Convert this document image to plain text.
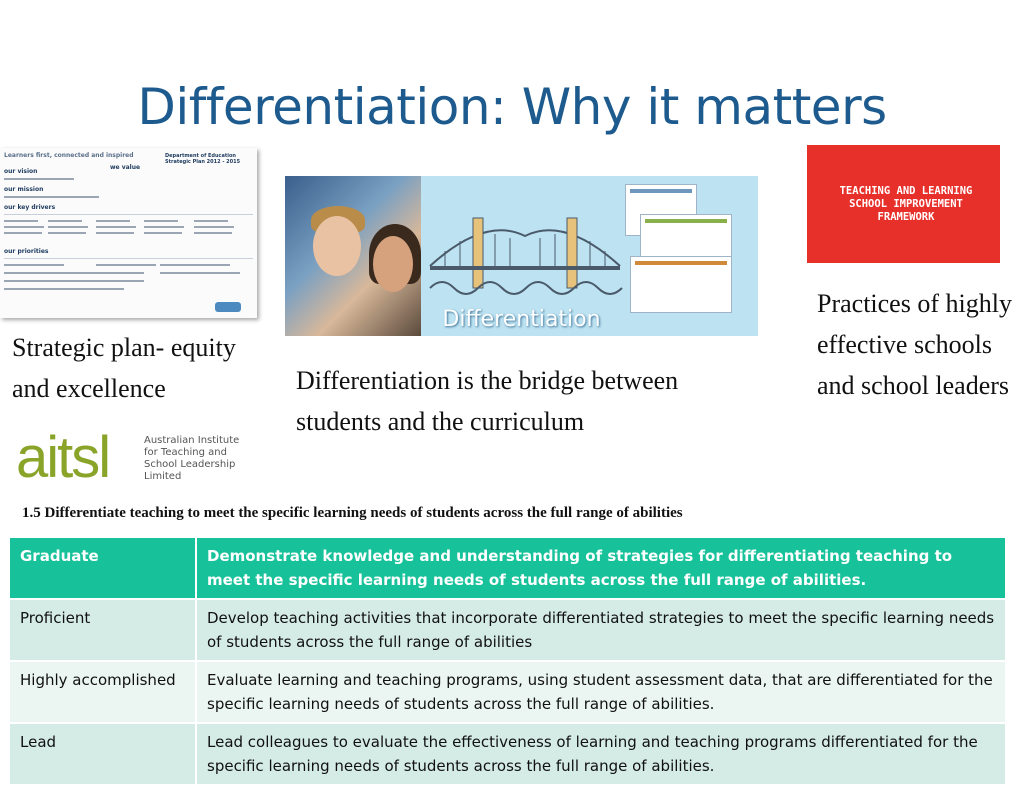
Differentiation: Why it matters
Learners first, connected and inspired	Department of Education Strategic Plan 2012 - 2015
our vision
our mission
our key drivers
our priorities
we value
Differentiation
TEACHING AND LEARNING
SCHOOL IMPROVEMENT
FRAMEWORK
Strategic plan- equity and excellence	Differentiation is the bridge between students and the curriculum
Practices of highly effective schools and school leaders
aitsl	Australian Institute for Teaching and School Leadership Limited
1.5 Differentiate teaching to meet the specific learning needs of students across the full range of abilities
Graduate	Demonstrate knowledge and understanding of strategies for differentiating teaching to meet the specific learning needs of students across the full range of abilities.
Proficient	Develop teaching activities that incorporate differentiated strategies to meet the specific learning needs of students across the full range of abilities
Highly accomplished	Evaluate learning and teaching programs, using student assessment data, that are differentiated for the specific learning needs of students across the full range of abilities.
Lead	Lead colleagues to evaluate the effectiveness of learning and teaching programs differentiated for the specific learning needs of students across the full range of abilities.
